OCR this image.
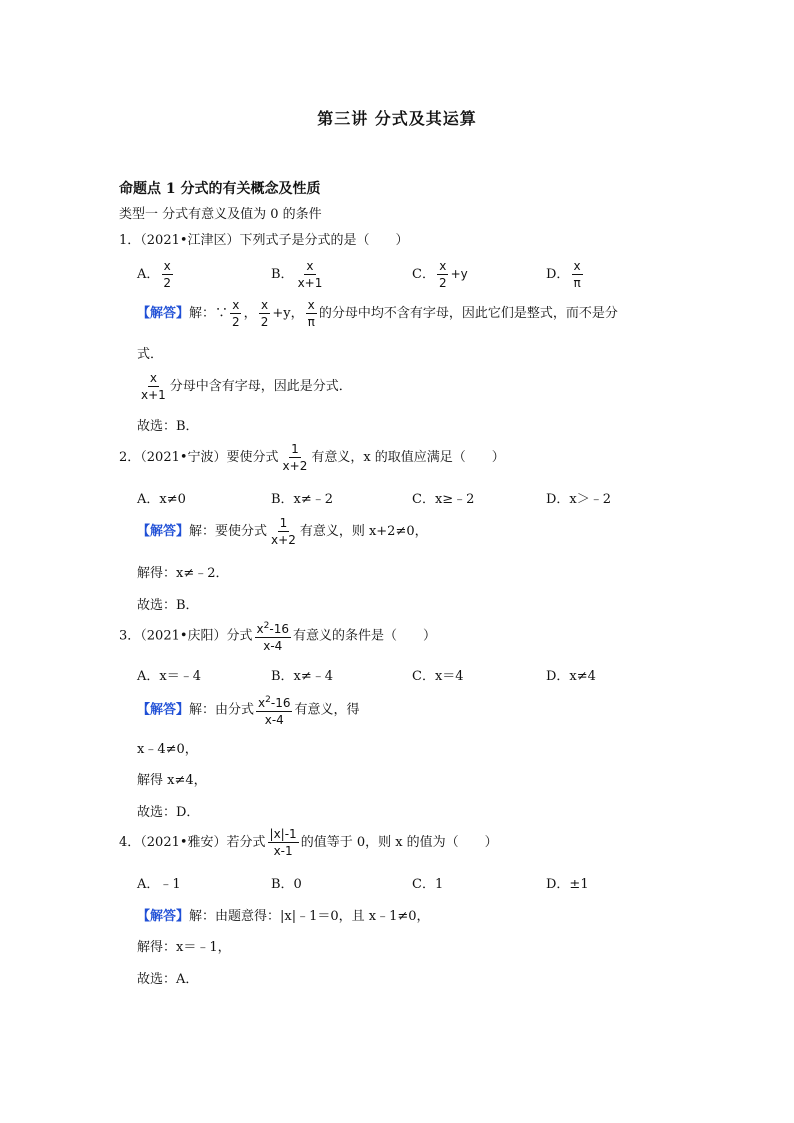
第三讲 分式及其运算
命题点 1 分式的有关概念及性质
类型一 分式有意义及值为 0 的条件
1．（2021•江津区）下列式子是分式的是（　　）
A． $\frac{x}{2}$	B． $\frac{x}{x+1}$	C． $\frac{x}{2} +y$	D． $\frac{x}{\pi}$
【解答】解：∵ $\frac{x}{2}$ ， $\frac{x}{2} +y$， $\frac{x}{\pi}$ 的分母中均不含有字母，因此它们是整式，而不是分
式．
$\frac{x}{x+1}$ 分母中含有字母，因此是分式．
故选：B．
2．（2021•宁波）要使分式 $\frac{1}{x+2}$ 有意义，x 的取值应满足（　　）
A．x≠0	B．x≠﹣2	C．x≥﹣2	D．x＞﹣2
【解答】解：要使分式 $\frac{1}{x+2}$ 有意义，则 x+2≠0，
解得：x≠﹣2．
故选：B．
3．（2021•庆阳）分式 $\frac{x^2-16}{x-4}$ 有意义的条件是（　　）
A．x＝﹣4	B．x≠﹣4	C．x＝4	D．x≠4
【解答】解：由分式 $\frac{x^2-16}{x-4}$ 有意义，得
x﹣4≠0，
解得 x≠4，
故选：D．
4．（2021•雅安）若分式 $\frac{|x|-1}{x-1}$ 的值等于 0，则 x 的值为（　　）
A．﹣1	B．0	C．1	D．±1
【解答】解：由题意得：|x|﹣1＝0，且 x﹣1≠0，
解得：x＝﹣1，
故选：A．
